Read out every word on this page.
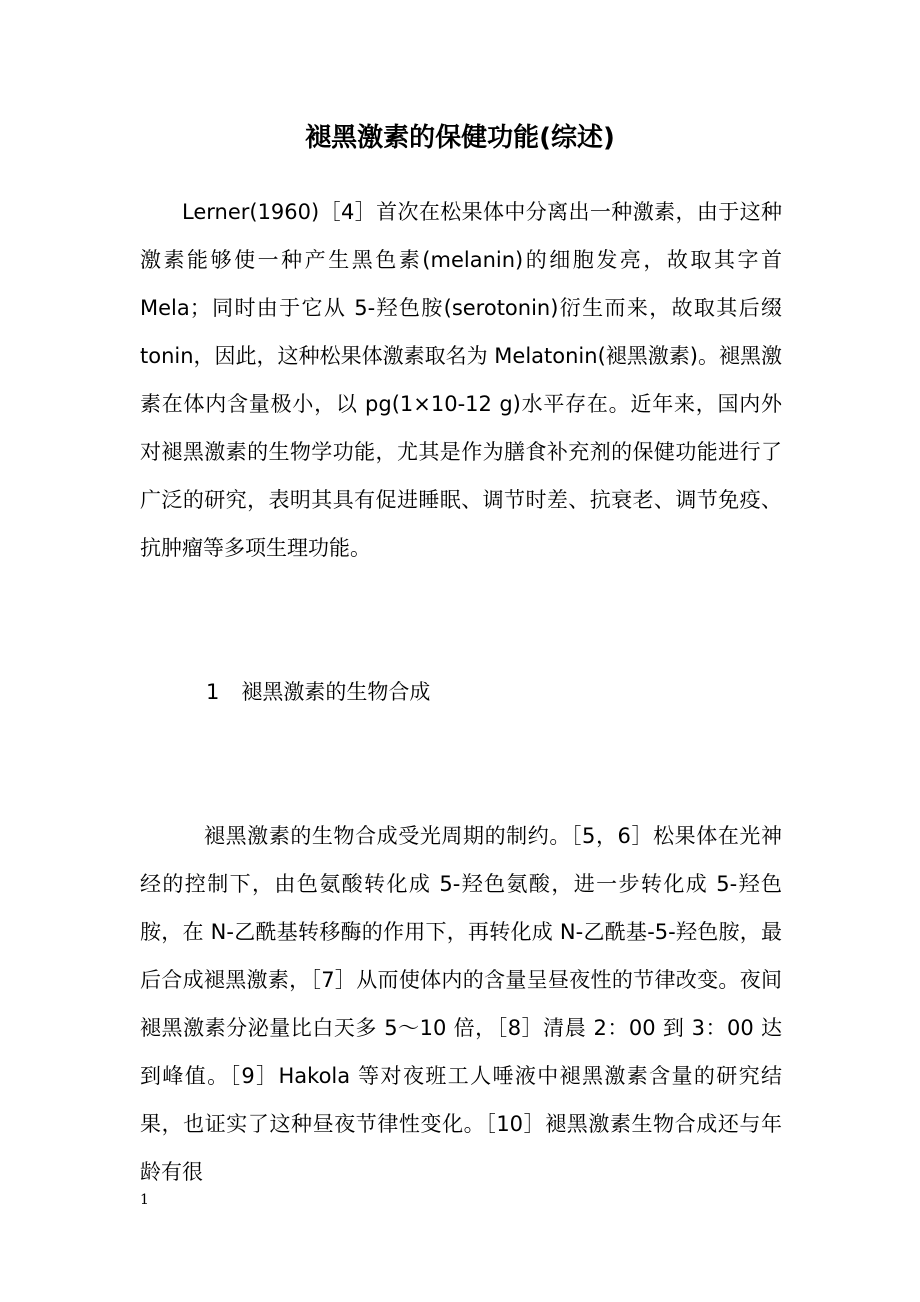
褪黑激素的保健功能(综述)

Lerner(1960)［4］首次在松果体中分离出一种激素，由于这种激素能够使一种产生黑色素(melanin)的细胞发亮，故取其字首 Mela；同时由于它从 5-羟色胺(serotonin)衍生而来，故取其后缀 tonin，因此，这种松果体激素取名为 Melatonin(褪黑激素)。褪黑激素在体内含量极小，以 pg(1×10-12 g)水平存在。近年来，国内外对褪黑激素的生物学功能，尤其是作为膳食补充剂的保健功能进行了广泛的研究，表明其具有促进睡眠、调节时差、抗衰老、调节免疫、抗肿瘤等多项生理功能。

1 褪黑激素的生物合成

褪黑激素的生物合成受光周期的制约。［5，6］松果体在光神经的控制下，由色氨酸转化成 5-羟色氨酸，进一步转化成 5-羟色胺，在 N-乙酰基转移酶的作用下，再转化成 N-乙酰基-5-羟色胺，最后合成褪黑激素，［7］从而使体内的含量呈昼夜性的节律改变。夜间褪黑激素分泌量比白天多 5～10 倍，［8］清晨 2：00 到 3：00 达到峰值。［9］Hakola 等对夜班工人唾液中褪黑激素含量的研究结果，也证实了这种昼夜节律性变化。［10］褪黑激素生物合成还与年龄有很

1
